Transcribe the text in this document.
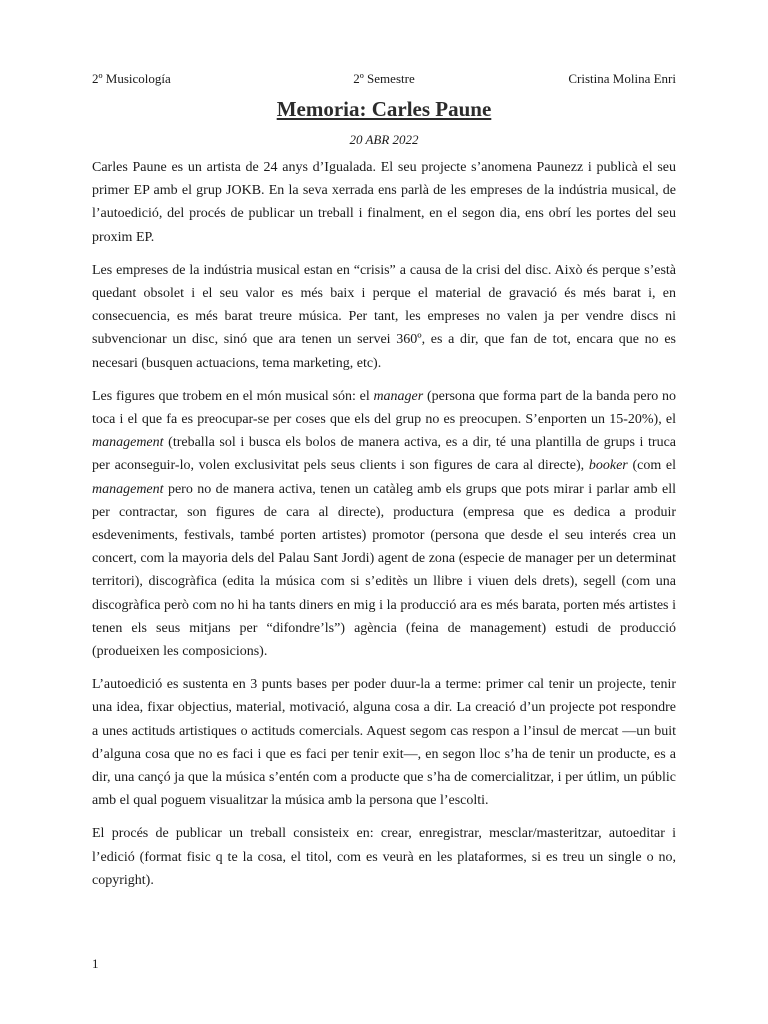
2º Musicología	2º Semestre	Cristina Molina Enri
Memoria: Carles Paune
20 ABR 2022

Carles Paune es un artista de 24 anys d’Igualada. El seu projecte s’anomena Paunezz i publicà el seu primer EP amb el grup JOKB. En la seva xerrada ens parlà de les empreses de la indústria musical, de l’autoedició, del procés de publicar un treball i finalment, en el segon dia, ens obrí les portes del seu proxim EP.

Les empreses de la indústria musical estan en “crisis” a causa de la crisi del disc. Això és perque s’està quedant obsolet i el seu valor es més baix i perque el material de gravació és més barat i, en consecuencia, es més barat treure música. Per tant, les empreses no valen ja per vendre discs ni subvencionar un disc, sinó que ara tenen un servei 360º, es a dir, que fan de tot, encara que no es necesari (busquen actuacions, tema marketing, etc).

Les figures que trobem en el món musical són: el manager (persona que forma part de la banda pero no toca i el que fa es preocupar-se per coses que els del grup no es preocupen. S’enporten un 15-20%), el management (treballa sol i busca els bolos de manera activa, es a dir, té una plantilla de grups i truca per aconseguir-lo, volen exclusivitat pels seus clients i son figures de cara al directe), booker (com el management pero no de manera activa, tenen un catàleg amb els grups que pots mirar i parlar amb ell per contractar, son figures de cara al directe), productura (empresa que es dedica a produir esdeveniments, festivals, també porten artistes) promotor (persona que desde el seu interés crea un concert, com la mayoria dels del Palau Sant Jordi) agent de zona (especie de manager per un determinat territori), discogràfica (edita la música com si s’editès un llibre i viuen dels drets), segell (com una discogràfica però com no hi ha tants diners en mig i la producció ara es més barata, porten més artistes i tenen els seus mitjans per “difondre’ls”) agència (feina de management) estudi de producció (produeixen les composicions).

L’autoedició es sustenta en 3 punts bases per poder duur-la a terme: primer cal tenir un projecte, tenir una idea, fixar objectius, material, motivació, alguna cosa a dir. La creació d’un projecte pot respondre a unes actituds artistiques o actituds comercials. Aquest segom cas respon a l’insul de mercat —un buit d’alguna cosa que no es faci i que es faci per tenir exit—, en segon lloc s’ha de tenir un producte, es a dir, una cançó ja que la música s’entén com a producte que s’ha de comercialitzar, i per útlim, un públic amb el qual poguem visualitzar la música amb la persona que l’escolti.

El procés de publicar un treball consisteix en: crear, enregistrar, mesclar/masteritzar, autoeditar i l’edició (format fisic q te la cosa, el titol, com es veurà en les plataformes, si es treu un single o no, copyright).

1
